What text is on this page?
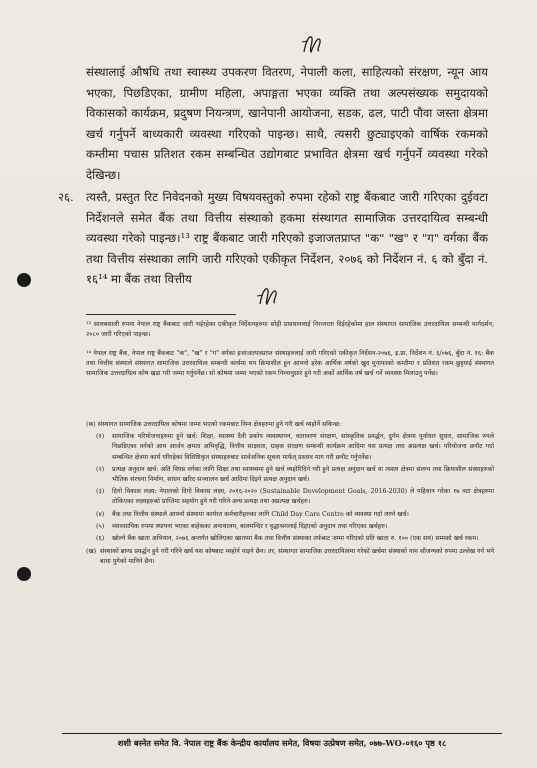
संस्थालाई औषधि तथा स्वास्थ्य उपकरण वितरण, नेपाली कला, साहित्यको संरक्षण, न्यून आय भएका, पिछडिएका, ग्रामीण महिला, अपाङ्गता भएका व्यक्ति तथा अल्पसंख्यक समुदायको विकासको कार्यक्रम, प्रदुषण नियन्त्रण, खानेपानी आयोजना, सडक, ढल, पाटी पौवा जस्ता क्षेत्रमा खर्च गर्नुपर्ने बाध्यकारी व्यवस्था गरिएको पाइन्छ। साथै, त्यसरी छुट्याइएको वार्षिक रकमको कम्तीमा पचास प्रतिशत रकम सम्बन्धित उद्योगबाट प्रभावित क्षेत्रमा खर्च गर्नुपर्ने व्यवस्था गरेको देखिन्छ।
२६. त्यस्तै, प्रस्तुत रिट निवेदनको मुख्य विषयवस्तुको रुपमा रहेको राष्ट्र बैंकबाट जारी गरिएका दुईवटा निर्देशनले समेत बैंक तथा वित्तीय संस्थाको हकमा संस्थागत सामाजिक उत्तरदायित्व सम्बन्धी व्यवस्था गरेको पाइन्छ।¹³ राष्ट्र बैंकबाट जारी गरिएको इजाजतप्राप्त "क" "ख" र "ग" वर्गका बैंक तथा वित्तीय संस्थाका लागि जारी गरिएको एकीकृत निर्देशन, २०७६ को निर्देशन नं. ६ को बुँदा नं. १६¹⁴ मा बैंक तथा वित्तीय
¹³ सालबसाली रुपमा नेपाल राष्ट्र बैंकबाट जारी भईरहेका एकीकृत निर्देशनहरुमा सोही प्रावधानलाई निरन्तरता दिईरहेकोमा हाल संस्थागत सामाजिक उत्तरदायित्व सम्बन्धी मार्गदर्शन, २०८० जारी गरिएको पाइन्छ।
¹⁴ नेपाल राष्ट्र बैंक, नेपाल राष्ट्र बैंकबाट "क", "ख" र "ग" वर्गका इजाजतपत्रप्राप्त संस्थाहरुलाई जारी गरिएको एकीकृत निर्देशन-२०७६, इ.प्रा. निर्देशन नं. ६/०७६, बुँदा नं. १६: बैंक तथा वित्तीय संस्थाले संस्थागत सामाजिक उत्तरदायित्व सम्बन्धी कार्यमा थप क्रियाशील हुन आफ्नो हरेक आर्थिक वर्षको खुद मुनाफाको कम्तीमा १ प्रतिशत रकम छुट्टयाई संस्थागत सामाजिक उत्तरदायित्व कोष खडा गरी जम्मा गर्नुपर्नेछ। सो कोषमा जम्मा भएको रकम निम्नानुसार हुने गरी अर्को आर्थिक वर्ष खर्च गर्ने व्यवस्था मिलाउनु पर्नेछ।
(क) संस्थागत सामाजिक उत्तरदायित्व कोषमा जम्मा भएको रकमबाट निम्न क्षेत्रहरुमा हुने गरी खर्च व्यहोर्ने सकिन्छ:
(१) सामाजिक परियोजनाहरुमा हुने खर्च: शिक्षा, स्वास्थ्य दैवी प्रकोप व्यवस्थापन, वातावरण संरक्षण, सांस्कृतिक प्रवर्द्धन, दुर्गम क्षेत्रमा पूर्वाधार सुधार, सामाजिक रुपले पिछडिएका वर्गको आय आर्जन क्षमता अभिवृद्धि, वित्तीय साक्षरता, ग्राहक संरक्षण सम्बन्धी कार्यक्रम आदिमा यस प्रत्यक्ष तथा अप्रत्यक्ष खर्च। परियोजना छनौट गर्दा सम्बन्धित क्षेत्रमा कार्य गरिरहेका विशिष्टिकृत संस्थाहरुबाट सार्वजनिक सूचना मार्फत् प्रस्ताव माग गरी छनौट गर्नुपर्नेछ।
(२) प्रत्यक्ष अनुदान खर्च: अति विपन्न वर्गका लागि शिक्षा तथा स्वास्थ्यमा हुने खर्च व्यहोरिदिने गरी हुने प्रत्यक्ष अनुदान खर्च वा त्यस्ता क्षेत्रमा संलग्न तथा क्रियाशील संस्थाहरुको भौतिक संरचना निर्माण, साधन खरिद सञ्चालन खर्च आदिमा दिइने प्रत्यक्ष अनुदान खर्च।
(३) दिगो विकास लक्ष्य: नेपालको दिगो विकास लक्ष्य, २०१६-२०२० (Sustainable Development Goals, 2016-2030) ले पहिचान गरेका १७ वटा क्षेत्रहरुमा तोकिएका लक्ष्यहरुको प्राप्तिमा सहयोग हुने गरी गरिने अन्य प्रत्यक्ष तथा अप्रत्यक्ष खर्चहरु।
(४) बैंक तथा वित्तीय संस्थाले आफ्नो संस्थामा कार्यरत कर्मचारीहरुका लागि Child Day Care Centre को व्यवस्था गर्दा लाग्ने खर्च।
(५) व्यावसायिक रुपमा स्थापना भएका बाहेकका अनाथालय, बालमन्दिर र वृद्धाश्रमलाई दिइएको अनुदान तथा गरिएका खर्चहरु।
(६) खोल्ने बैंक खाता अभियान, २०७६ अन्तर्गत खोलिएका खातामा बैंक तथा वित्तीय संस्थाका तर्फबाट जम्मा गरिएको प्रति खाता रु. १०० (एक सय) सम्मको खर्च रकम।
(ख) संस्थाको ब्राण्ड प्रवर्द्धन हुने गरी गरिने खर्च यस कोषबाट व्यहोर्न पाइने छैन। तर, संस्थागत सामाजिक उत्तरदायित्वमा गरेको खर्चमा संस्थाको नाम सौजन्यको रुपमा उल्लेख गर्न भने बाधा पुगेको मानिने छैन।
शशी बस्नेत समेत वि. नेपाल राष्ट्र बैंक केन्द्रीय कार्यालय समेत, विषयः उत्प्रेषण समेत, ०७७-WO-०१६० पृष्ठ १८
